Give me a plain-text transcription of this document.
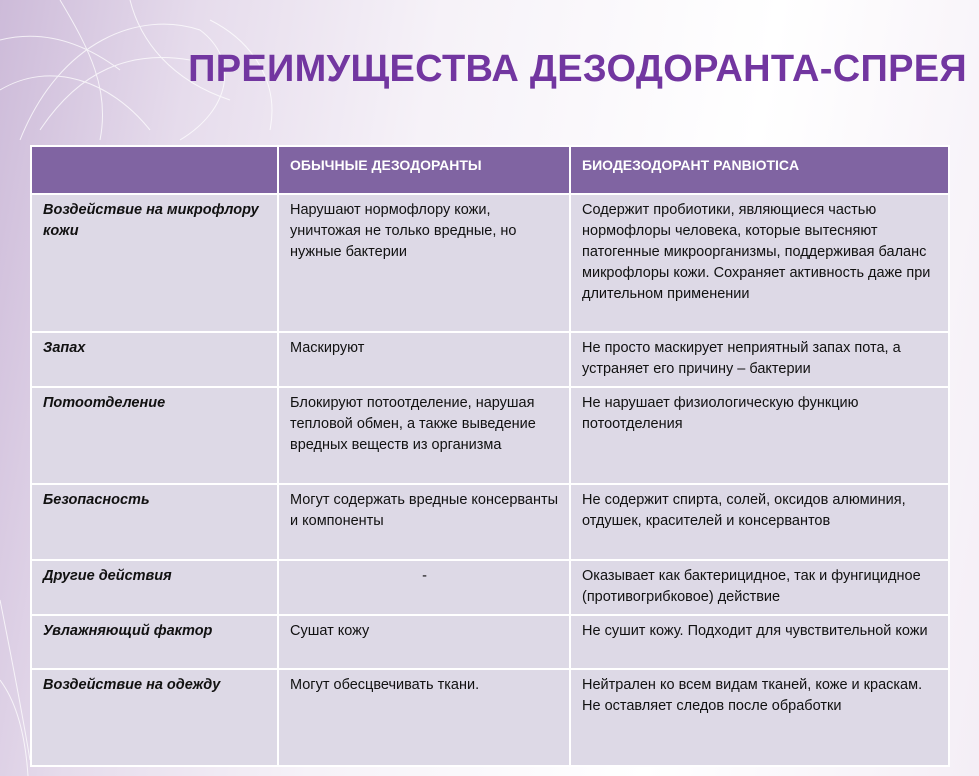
ПРЕИМУЩЕСТВА ДЕЗОДОРАНТА-СПРЕЯ
	ОБЫЧНЫЕ ДЕЗОДОРАНТЫ	БИОДЕЗОДОРАНТ PANBIOTICA
Воздействие на микрофлору кожи	Нарушают нормофлору кожи, уничтожая не только вредные, но нужные бактерии	Содержит пробиотики, являющиеся частью нормофлоры человека, которые вытесняют патогенные микроорганизмы, поддерживая баланс микрофлоры кожи. Сохраняет активность даже при длительном применении
Запах	Маскируют	Не просто маскирует неприятный запах пота, а устраняет его причину – бактерии
Потоотделение	Блокируют потоотделение, нарушая тепловой обмен, а также выведение вредных веществ из организма	Не нарушает физиологическую функцию потоотделения
Безопасность	Могут содержать вредные консерванты и компоненты	Не содержит спирта, солей, оксидов алюминия, отдушек, красителей и консервантов
Другие действия	-	Оказывает как бактерицидное, так и фунгицидное (противогрибковое) действие
Увлажняющий фактор	Сушат кожу	Не сушит кожу. Подходит для чувствительной кожи
Воздействие на одежду	Могут обесцвечивать ткани.	Нейтрален ко всем видам тканей, коже и краскам. Не оставляет следов после обработки
